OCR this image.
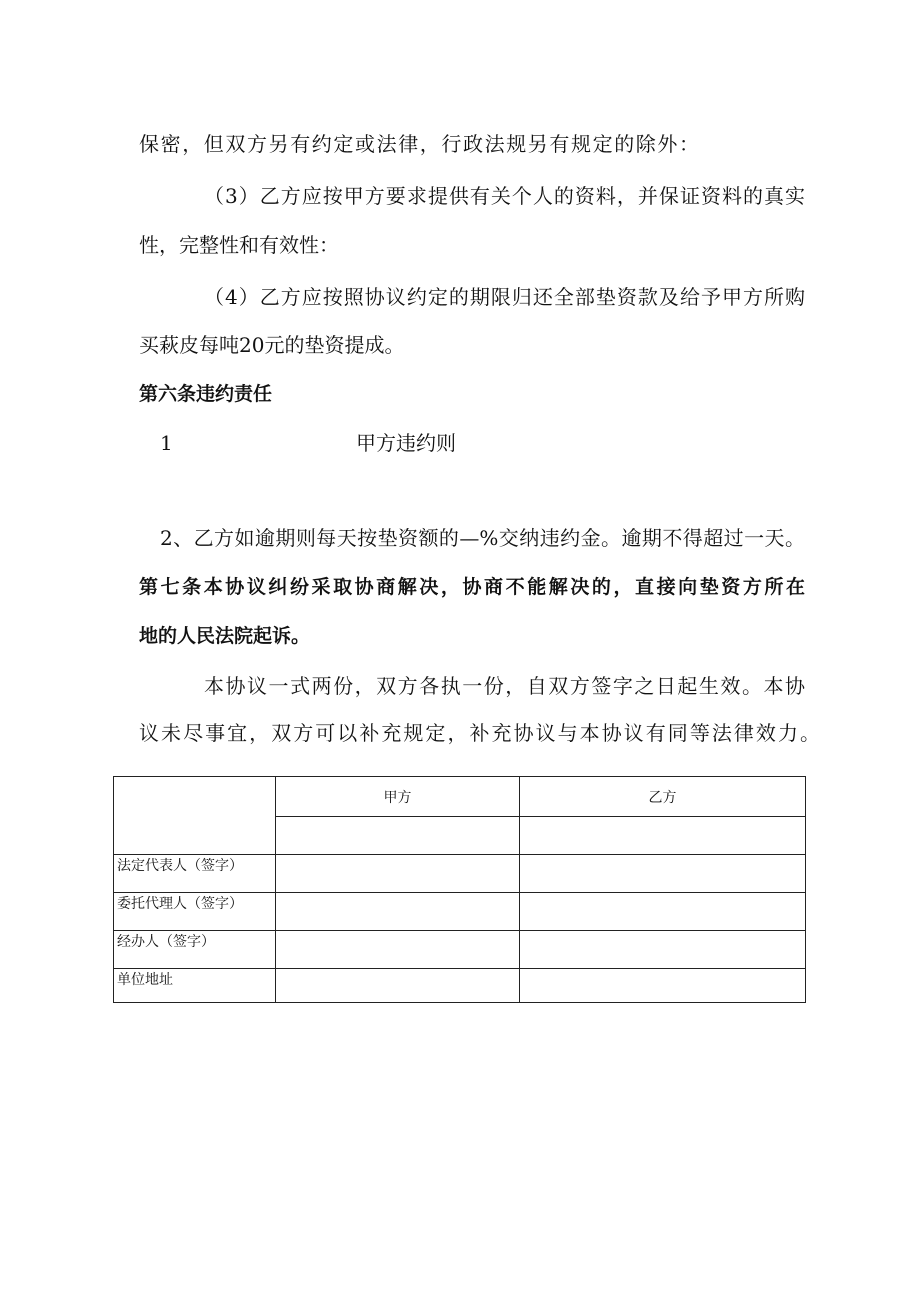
保密，但双方另有约定或法律，行政法规另有规定的除外：
（3）乙方应按甲方要求提供有关个人的资料，并保证资料的真实
性，完整性和有效性：
（4）乙方应按照协议约定的期限归还全部垫资款及给予甲方所购
买萩皮每吨20元的垫资提成。
第六条违约责任
1	甲方违约则
2、乙方如逾期则每天按垫资额的—%交纳违约金。逾期不得超过一天。
第七条本协议纠纷采取协商解决，协商不能解决的，直接向垫资方所在
地的人民法院起诉。
本协议一式两份，双方各执一份，自双方签字之日起生效。本协
议未尽事宜，双方可以补充规定，补充协议与本协议有同等法律效力。
	甲方	乙方

法定代表人（签字）		
委托代理人（签字）		
经办人（签字）		
单位地址		
